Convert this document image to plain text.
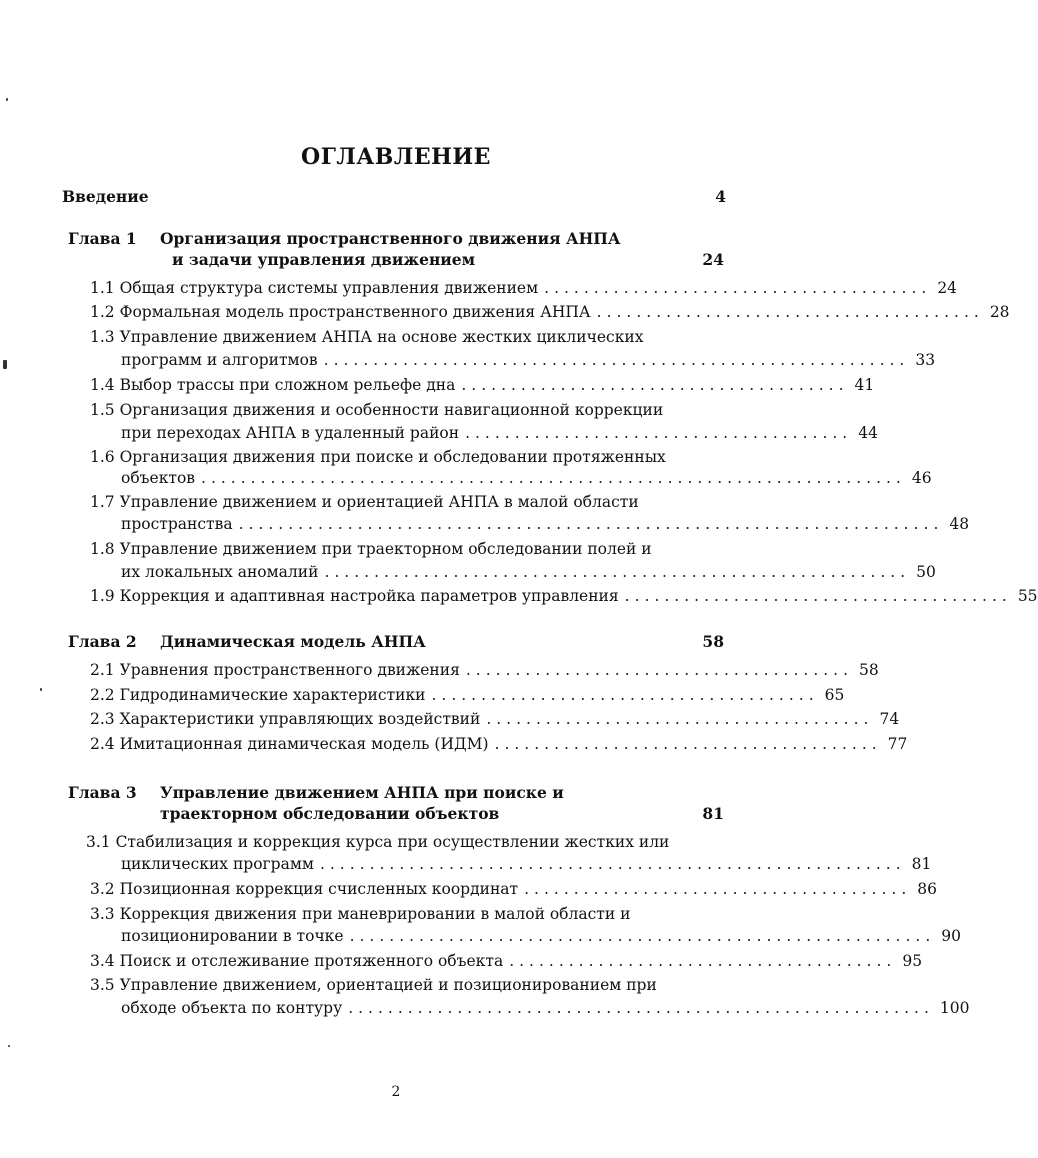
ОГЛАВЛЕНИЕ
Введение	4
Глава 1	Организация пространственного движения АНПА
и задачи управления движением	24
1.1 Общая структура системы управления движением ....................................... 24
1.2 Формальная модель пространственного движения АНПА ....................................... 28
1.3 Управление движением АНПА на основе жестких циклических
программ и алгоритмов ........................................................... 33
1.4 Выбор трассы при сложном рельефе дна ....................................... 41
1.5 Организация движения и особенности навигационной коррекции
при переходах АНПА в удаленный район ....................................... 44
1.6 Организация движения при поиске и обследовании протяженных
объектов ....................................................................... 46
1.7 Управление движением и ориентацией АНПА в малой области
пространства ....................................................................... 48
1.8 Управление движением при траекторном обследовании полей и
их локальных аномалий ........................................................... 50
1.9 Коррекция и адаптивная настройка параметров управления ....................................... 55
Глава 2	Динамическая модель АНПА	58
2.1 Уравнения пространственного движения ....................................... 58
2.2 Гидродинамические характеристики ....................................... 65
2.3 Характеристики управляющих воздействий ....................................... 74
2.4 Имитационная динамическая модель (ИДМ) ....................................... 77
Глава 3	Управление движением АНПА при поиске и
траекторном обследовании объектов	81
3.1 Стабилизация и коррекция курса при осуществлении жестких или
циклических программ ........................................................... 81
3.2 Позиционная коррекция счисленных координат ....................................... 86
3.3 Коррекция движения при маневрировании в малой области и
позиционировании в точке ........................................................... 90
3.4 Поиск и отслеживание протяженного объекта ....................................... 95
3.5 Управление движением, ориентацией и позиционированием при
обходе объекта по контуру ........................................................... 100
2
